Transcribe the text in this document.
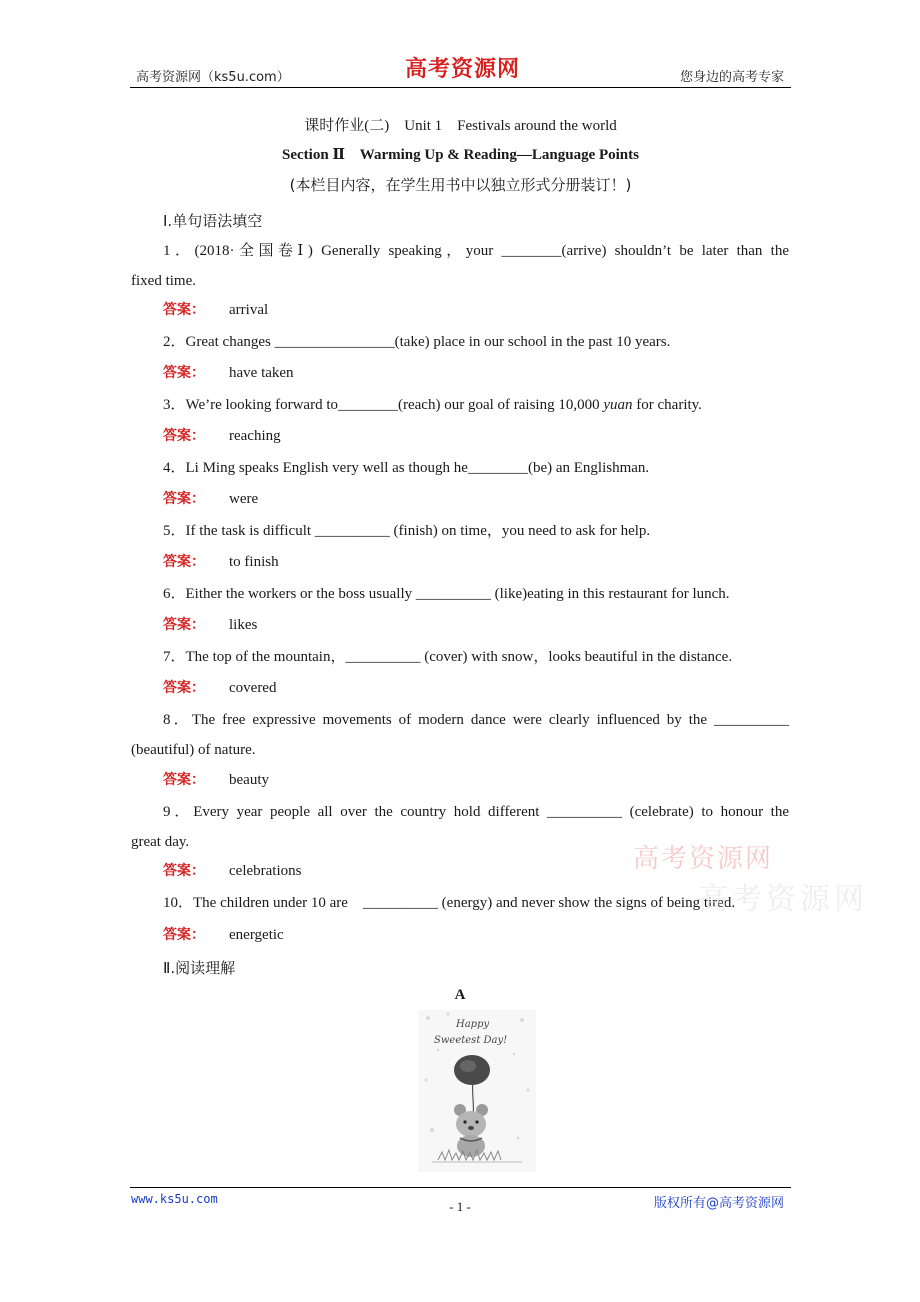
高考资源网（ks5u.com）	高考资源网	您身边的高考专家
课时作业(二)    Unit 1    Festivals around the world
Section Ⅱ    Warming Up & Reading—Language Points
(本栏目内容，在学生用书中以独立形式分册装订！)
Ⅰ.单句语法填空
1．(2018·全国卷Ⅰ) Generally speaking，your ________(arrive) shouldn’t be later than the
fixed time.
答案： arrival
2．Great changes ________________(take) place in our school in the past 10 years.
答案： have taken
3．We’re looking forward to________(reach) our goal of raising 10,000 yuan for charity.
答案： reaching
4．Li Ming speaks English very well as though he________(be) an Englishman.
答案： were
5．If the task is difficult __________ (finish) on time，you need to ask for help.
答案： to finish
6．Either the workers or the boss usually __________ (like)eating in this restaurant for lunch.
答案： likes
7．The top of the mountain，__________ (cover) with snow，looks beautiful in the distance.
答案： covered
8．The free expressive movements of modern dance were clearly influenced by the __________
(beautiful) of nature.
答案： beauty
9．Every year people all over the country hold different __________ (celebrate) to honour the
great day.
答案： celebrations
10．The children under 10 are    __________ (energy) and never show the signs of being tired.
答案： energetic
Ⅱ.阅读理解
A
Happy
Sweetest Day!
高考资源网
高考资源网
www.ks5u.com	- 1 -	版权所有@高考资源网
